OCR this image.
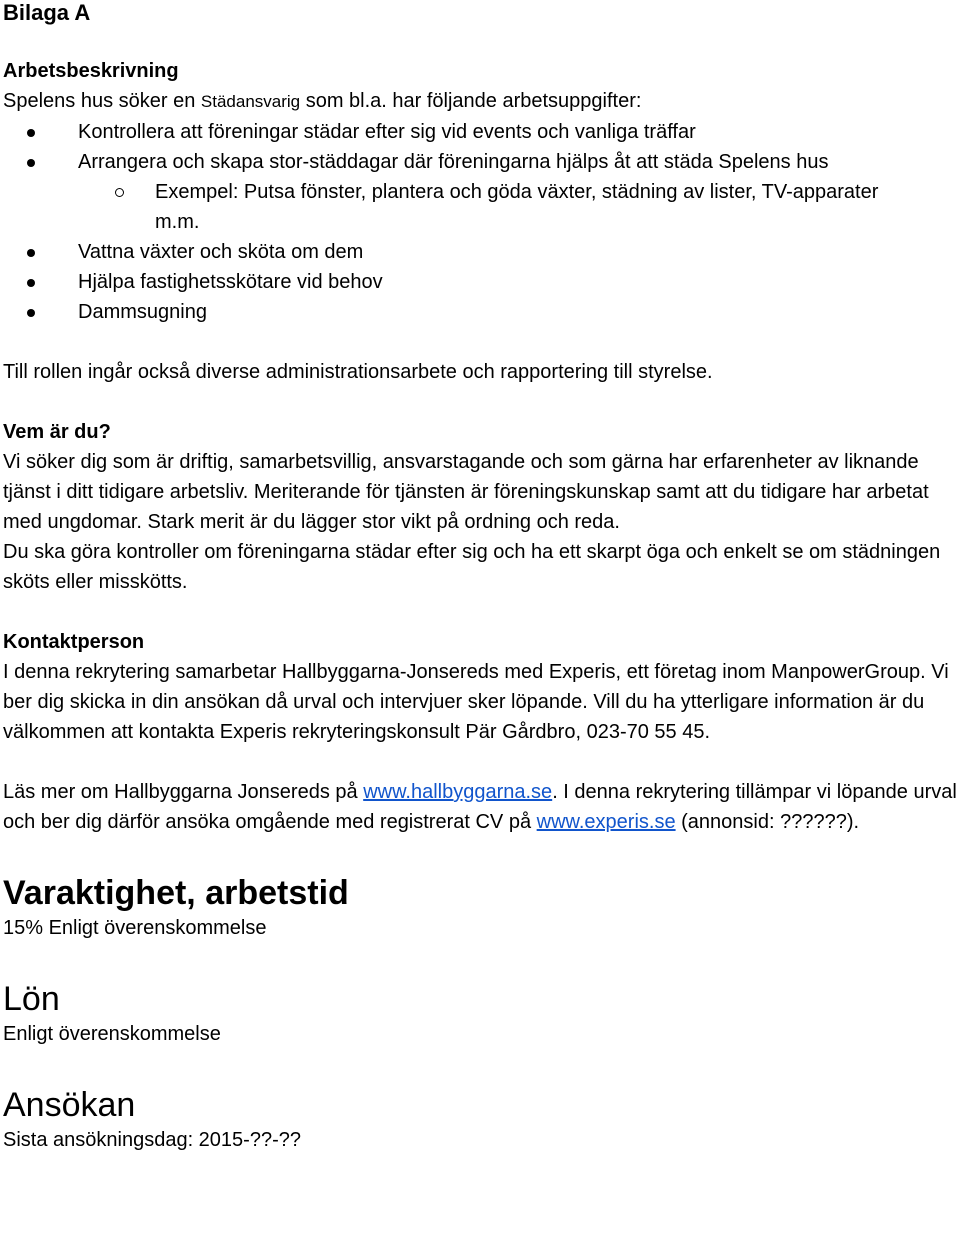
Bilaga A
Arbetsbeskrivning

Spelens hus söker en Städansvarig som bl.a. har följande arbetsuppgifter:

Kontrollera att föreningar städar efter sig vid events och vanliga träffar
Arrangera och skapa stor-städdagar där föreningarna hjälps åt att städa Spelens hus
Exempel: Putsa fönster, plantera och göda växter, städning av lister, TV-apparater m.m.
Vattna växter och sköta om dem
Hjälpa fastighetsskötare vid behov
Dammsugning

Till rollen ingår också diverse administrationsarbete och rapportering till styrelse.

Vem är du?

Vi söker dig som är driftig, samarbetsvillig, ansvarstagande och som gärna har erfarenheter av liknande tjänst i ditt tidigare arbetsliv. Meriterande för tjänsten är föreningskunskap samt att du tidigare har arbetat med ungdomar. Stark merit är du lägger stor vikt på ordning och reda.

Du ska göra kontroller om föreningarna städar efter sig och ha ett skarpt öga och enkelt se om städningen sköts eller misskötts.

Kontaktperson

I denna rekrytering samarbetar Hallbyggarna-Jonsereds med Experis, ett företag inom ManpowerGroup. Vi ber dig skicka in din ansökan då urval och intervjuer sker löpande. Vill du ha ytterligare information är du välkommen att kontakta Experis rekryteringskonsult Pär Gårdbro, 023-70 55 45.

Läs mer om Hallbyggarna Jonsereds på www.hallbyggarna.se. I denna rekrytering tillämpar vi löpande urval och ber dig därför ansöka omgående med registrerat CV på www.experis.se (annonsid: ??????).

Varaktighet, arbetstid

15% Enligt överenskommelse

Lön

Enligt överenskommelse

Ansökan

Sista ansökningsdag: 2015-??-??
